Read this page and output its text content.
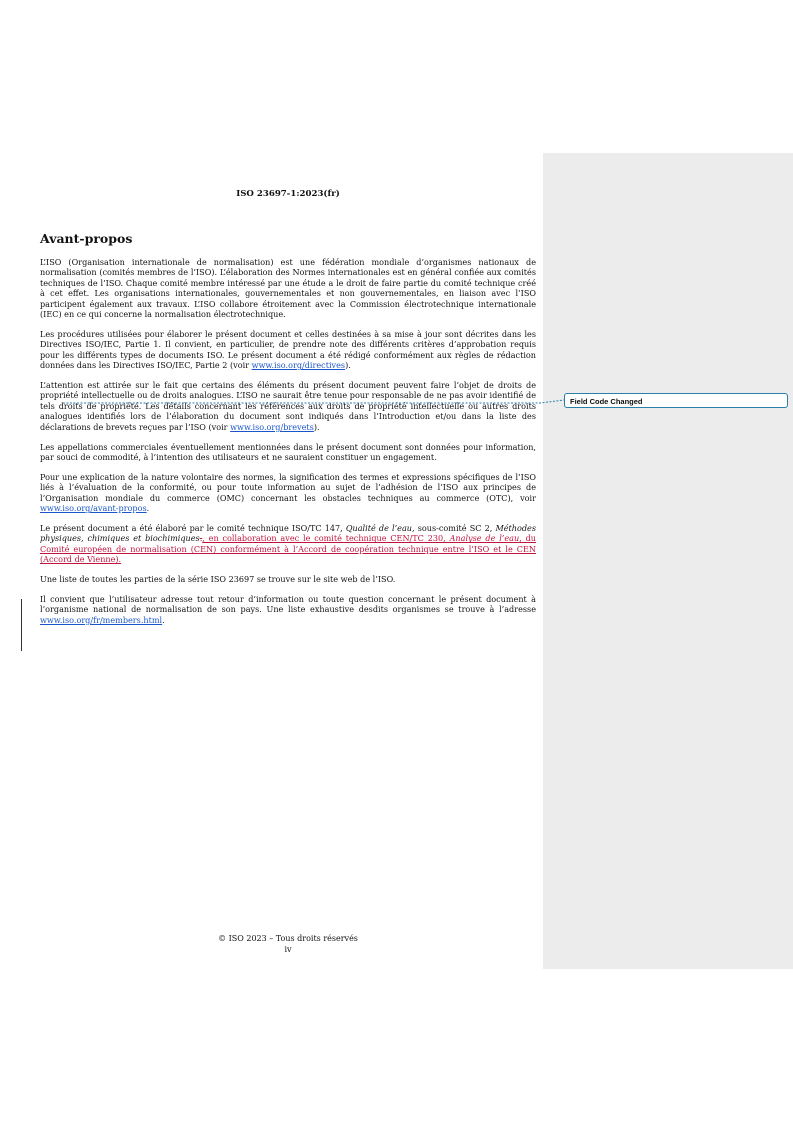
ISO 23697-1:2023(fr)
Avant-propos

L’ISO (Organisation internationale de normalisation) est une fédération mondiale d’organismes nationaux de normalisation (comités membres de l’ISO). L’élaboration des Normes internationales est en général confiée aux comités techniques de l’ISO. Chaque comité membre intéressé par une étude a le droit de faire partie du comité technique créé à cet effet. Les organisations internationales, gouvernementales et non gouvernementales, en liaison avec l’ISO participent également aux travaux. L’ISO collabore étroitement avec la Commission électrotechnique internationale (IEC) en ce qui concerne la normalisation électrotechnique.

Les procédures utilisées pour élaborer le présent document et celles destinées à sa mise à jour sont décrites dans les Directives ISO/IEC, Partie 1. Il convient, en particulier, de prendre note des différents critères d’approbation requis pour les différents types de documents ISO. Le présent document a été rédigé conformément aux règles de rédaction données dans les Directives ISO/IEC, Partie 2 (voir www.iso.org/directives).

L’attention est attirée sur le fait que certains des éléments du présent document peuvent faire l’objet de droits de propriété intellectuelle ou de droits analogues. L’ISO ne saurait être tenue pour responsable de ne pas avoir identifié de tels droits de propriété. Les détails concernant les références aux droits de propriété intellectuelle ou autres droits analogues identifiés lors de l’élaboration du document sont indiqués dans l’Introduction et/ou dans la liste des déclarations de brevets reçues par l’ISO (voir www.iso.org/brevets).

Les appellations commerciales éventuellement mentionnées dans le présent document sont données pour information, par souci de commodité, à l’intention des utilisateurs et ne sauraient constituer un engagement.

Pour une explication de la nature volontaire des normes, la signification des termes et expressions spécifiques de l’ISO liés à l’évaluation de la conformité, ou pour toute information au sujet de l’adhésion de l’ISO aux principes de l’Organisation mondiale du commerce (OMC) concernant les obstacles techniques au commerce (OTC), voir www.iso.org/avant-propos.

Le présent document a été élaboré par le comité technique ISO/TC 147, Qualité de l’eau, sous-comité SC 2, Méthodes physiques, chimiques et biochimiques., en collaboration avec le comité technique CEN/TC 230, Analyse de l’eau, du Comité européen de normalisation (CEN) conformément à l’Accord de coopération technique entre l’ISO et le CEN (Accord de Vienne).

Une liste de toutes les parties de la série ISO 23697 se trouve sur le site web de l’ISO.

Il convient que l’utilisateur adresse tout retour d’information ou toute question concernant le présent document à l’organisme national de normalisation de son pays. Une liste exhaustive desdits organismes se trouve à l’adresse www.iso.org/fr/members.html.

Field Code Changed
© ISO 2023 – Tous droits réservés
iv
